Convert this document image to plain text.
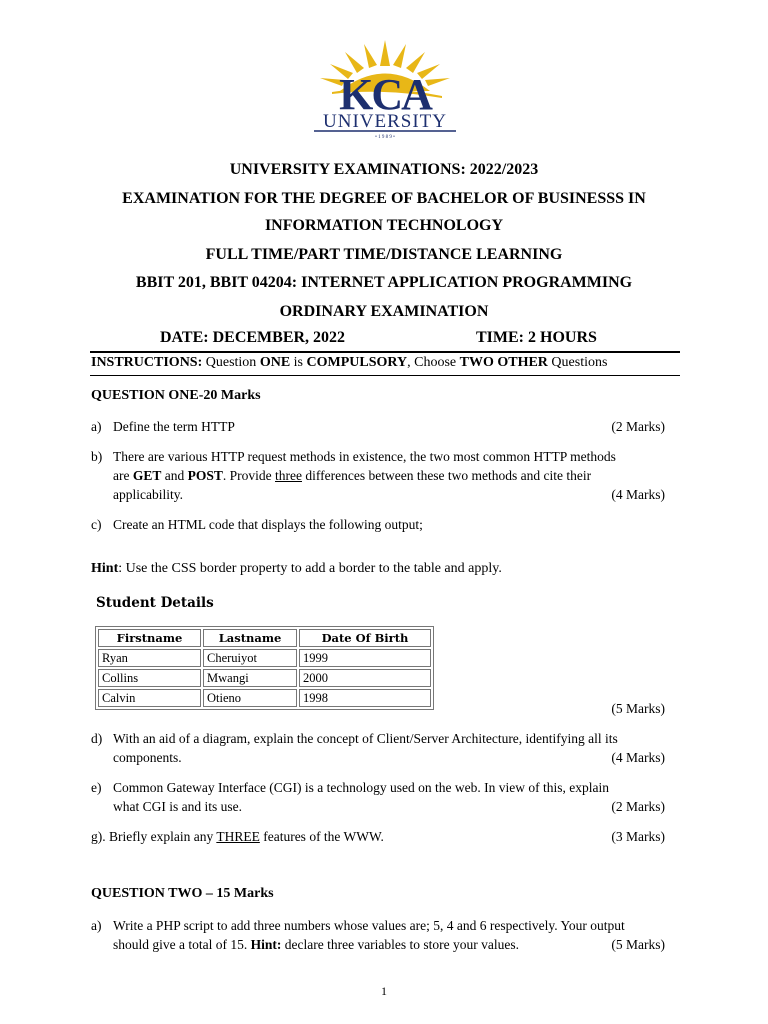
KCA
UNIVERSITY
• 1 9 8 9 •
UNIVERSITY EXAMINATIONS: 2022/2023
EXAMINATION FOR THE DEGREE OF BACHELOR OF BUSINESSS IN
INFORMATION TECHNOLOGY
FULL TIME/PART TIME/DISTANCE LEARNING
BBIT 201, BBIT 04204: INTERNET APPLICATION PROGRAMMING
ORDINARY EXAMINATION
DATE: DECEMBER, 2022	TIME: 2 HOURS
INSTRUCTIONS: Question ONE is COMPULSORY, Choose TWO OTHER Questions
QUESTION ONE-20 Marks
a) Define the term HTTP	(2 Marks)
b) There are various HTTP request methods in existence, the two most common HTTP methods
are GET and POST. Provide three differences between these two methods and cite their
applicability.	(4 Marks)
c) Create an HTML code that displays the following output;
Hint: Use the CSS border property to add a border to the table and apply.
Student Details
Firstname	Lastname	Date Of Birth
Ryan	Cheruiyot	1999
Collins	Mwangi	2000
Calvin	Otieno	1998
(5 Marks)
d) With an aid of a diagram, explain the concept of Client/Server Architecture, identifying all its
components.	(4 Marks)
e) Common Gateway Interface (CGI) is a technology used on the web. In view of this, explain
what CGI is and its use.	(2 Marks)
g). Briefly explain any THREE features of the WWW.	(3 Marks)
QUESTION TWO – 15 Marks
a) Write a PHP script to add three numbers whose values are; 5, 4 and 6 respectively. Your output
should give a total of 15. Hint: declare three variables to store your values.	(5 Marks)
1
